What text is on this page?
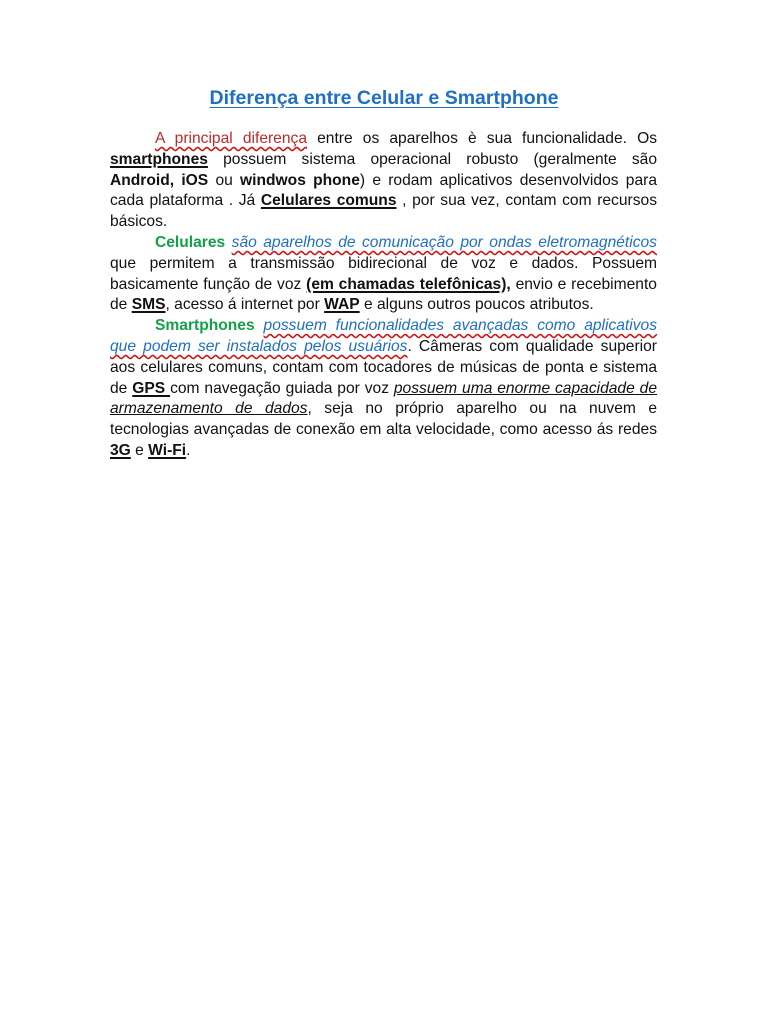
Diferença entre Celular e Smartphone

A principal diferença entre os aparelhos è sua funcionalidade. Os smartphones possuem sistema operacional robusto (geralmente são Android, iOS ou windwos phone) e rodam aplicativos desenvolvidos para cada plataforma . Já Celulares comuns , por sua vez, contam com recursos básicos.

Celulares são aparelhos de comunicação por ondas eletromagnéticos que permitem a transmissão bidirecional de voz e dados. Possuem basicamente função de voz (em chamadas telefônicas), envio e recebimento de SMS, acesso á internet por WAP e alguns outros poucos atributos.

Smartphones possuem funcionalidades avançadas como aplicativos que podem ser instalados pelos usuários. Câmeras com qualidade superior aos celulares comuns, contam com tocadores de músicas de ponta e sistema de GPS com navegação guiada por voz possuem uma enorme capacidade de armazenamento de dados, seja no próprio aparelho ou na nuvem e tecnologias avançadas de conexão em alta velocidade, como acesso ás redes 3G e Wi-Fi.
